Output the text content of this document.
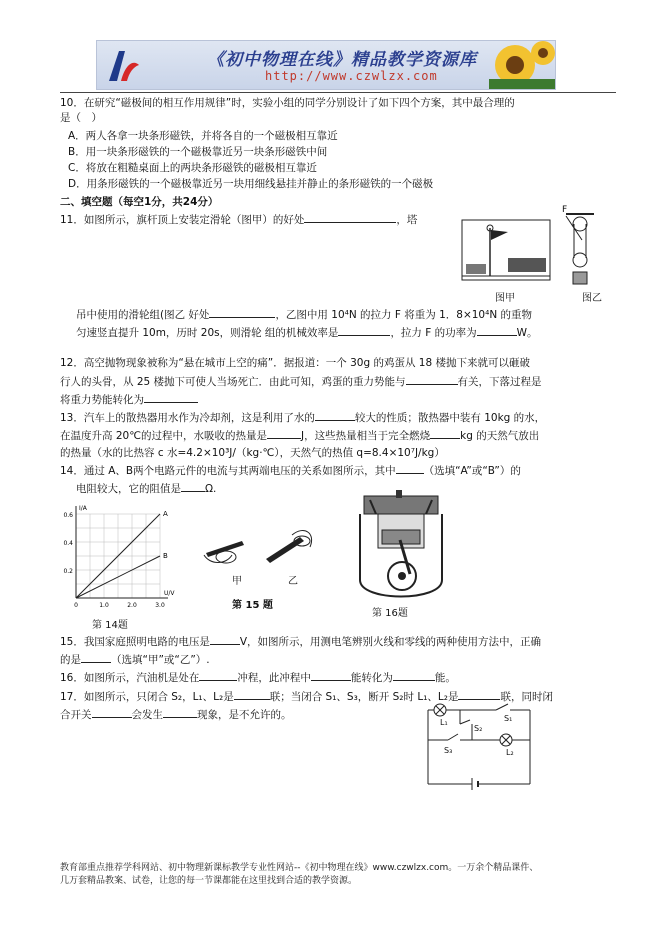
《初中物理在线》精品教学资源库
http://www.czwlzx.com
10．在研究“磁极间的相互作用规律”时，实验小组的同学分别设计了如下四个方案，其中最合理的
是（　）
A．两人各拿一块条形磁铁，并将各自的一个磁极相互靠近
B．用一块条形磁铁的一个磁极靠近另一块条形磁铁中间
C．将放在粗糙桌面上的两块条形磁铁的磁极相互靠近
D．用条形磁铁的一个磁极靠近另一块用细线悬挂并静止的条形磁铁的一个磁极
二、填空题（每空1分，共24分）
11．如图所示，旗杆顶上安装定滑轮（图甲）的好处	，塔
图甲
F
图乙
吊中使用的滑轮组(图乙 好处	，乙图中用 10⁴N 的拉力 F 将重为 1．8×10⁴N 的重物
匀速竖直提升 10m，历时 20s，则滑轮 组的机械效率是	，拉力 F 的功率为	W。
12．高空抛物现象被称为“悬在城市上空的痛”．据报道：一个 30g 的鸡蛋从 18 楼抛下来就可以砸破
行人的头骨，从 25 楼抛下可使人当场死亡．由此可知，鸡蛋的重力势能与	有关，下落过程是
将重力势能转化为
13．汽车上的散热器用水作为冷却剂，这是利用了水的	较大的性质；散热器中装有 10kg 的水，
在温度升高 20℃的过程中，水吸收的热量是	J，这些热量相当于完全燃烧	kg 的天然气放出
的热量（水的比热容 c 水=4.2×10³J/（kg·℃），天然气的热值 q=8.4×10⁷J/kg）
14．通过 A、B两个电路元件的电流与其两端电压的关系如图所示，其中	（选填“A”或“B”）的
电阻较大，它的阻值是 Ω.
0.2
0.4
0.6
0	1.0	2.0	3.0
I/A
U/V
A
B
第 14题
甲	乙
第 15 题
第 16题
15．我国家庭照明电路的电压是	V，如图所示，用测电笔辨别火线和零线的两种使用方法中，正确
的是	（选填“甲”或“乙”）.
16．如图所示，汽油机是处在	冲程，此冲程中	能转化为	能。
17．如图所示，只闭合 S₂，L₁、L₂是	联；当闭合 S₁、S₃，断开 S₂时 L₁、L₂是	联，同时闭
合开关	会发生	现象，是不允许的。
L₁
L₂
S₁
S₂
S₃
教育部重点推荐学科网站、初中物理新课标教学专业性网站--《初中物理在线》www.czwlzx.com。一万余个精品课件、
几万套精品教案、试卷，让您的每一节课都能在这里找到合适的教学资源。
